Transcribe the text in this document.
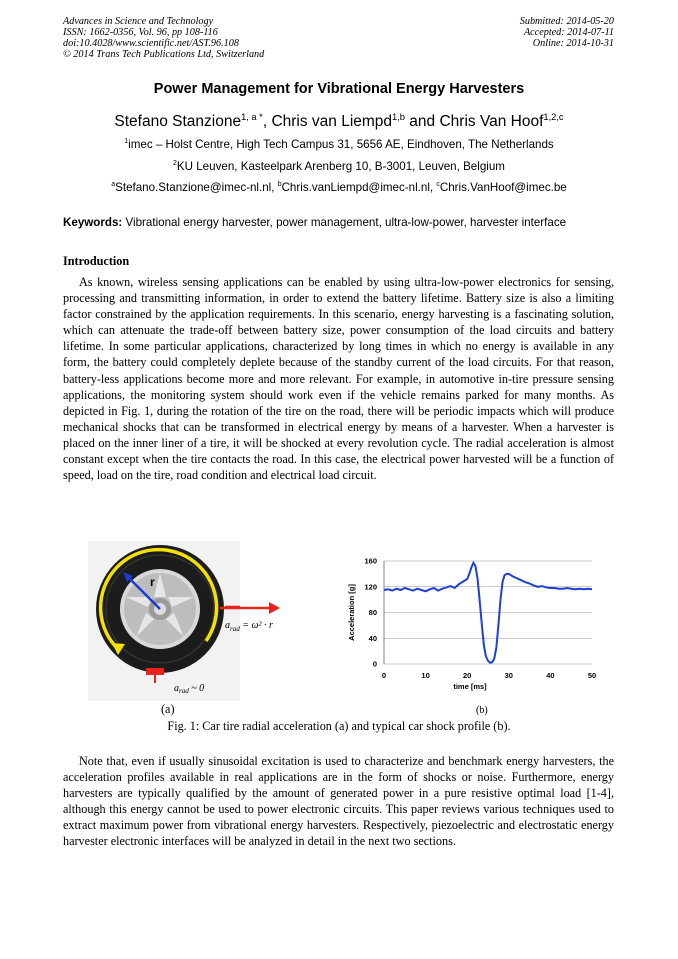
Advances in Science and Technology
ISSN: 1662-0356, Vol. 96, pp 108-116
doi:10.4028/www.scientific.net/AST.96.108
© 2014 Trans Tech Publications Ltd, Switzerland
Submitted: 2014-05-20
Accepted: 2014-07-11
Online: 2014-10-31
Power Management for Vibrational Energy Harvesters
Stefano Stanzione$^{1, a *}$, Chris van Liempd$^{1,b}$ and Chris Van Hoof$^{1,2,c}$
$^1$imec – Holst Centre, High Tech Campus 31, 5656 AE, Eindhoven, The Netherlands
$^2$KU Leuven, Kasteelpark Arenberg 10, B-3001, Leuven, Belgium
$^a$Stefano.Stanzione@imec-nl.nl, $^b$Chris.vanLiempd@imec-nl.nl, $^c$Chris.VanHoof@imec.be
Keywords: Vibrational energy harvester, power management, ultra-low-power, harvester interface
Introduction

As known, wireless sensing applications can be enabled by using ultra-low-power electronics for sensing, processing and transmitting information, in order to extend the battery lifetime. Battery size is also a limiting factor constrained by the application requirements. In this scenario, energy harvesting is a fascinating solution, which can attenuate the trade-off between battery size, power consumption of the load circuits and battery lifetime. In some particular applications, characterized by long times in which no energy is available in any form, the battery could completely deplete because of the standby current of the load circuits. For that reason, battery-less applications become more and more relevant. For example, in automotive in-tire pressure sensing applications, the monitoring system should work even if the vehicle remains parked for many months. As depicted in Fig. 1, during the rotation of the tire on the road, there will be periodic impacts which will produce mechanical shocks that can be transformed in electrical energy by means of a harvester. When a harvester is placed on the inner liner of a tire, it will be shocked at every revolution cycle. The radial acceleration is almost constant except when the tire contacts the road. In this case, the electrical power harvested will be a function of speed, load on the tire, road condition and electrical load circuit.

r
$a_{rad}$ ~ 0
$a_{rad} = \omega^2 \cdot r$
0
40
80
120
160
0	10	20	30	40	50
time [ms]
Acceleration [g]
(a)	(b)
Fig. 1: Car tire radial acceleration (a) and typical car shock profile (b).

Note that, even if usually sinusoidal excitation is used to characterize and benchmark energy harvesters, the acceleration profiles available in real applications are in the form of shocks or noise. Furthermore, energy harvesters are typically qualified by the amount of generated power in a pure resistive optimal load [1-4], although this energy cannot be used to power electronic circuits. This paper reviews various techniques used to extract maximum power from vibrational energy harvesters. Respectively, piezoelectric and electrostatic energy harvester electronic interfaces will be analyzed in detail in the next two sections.
